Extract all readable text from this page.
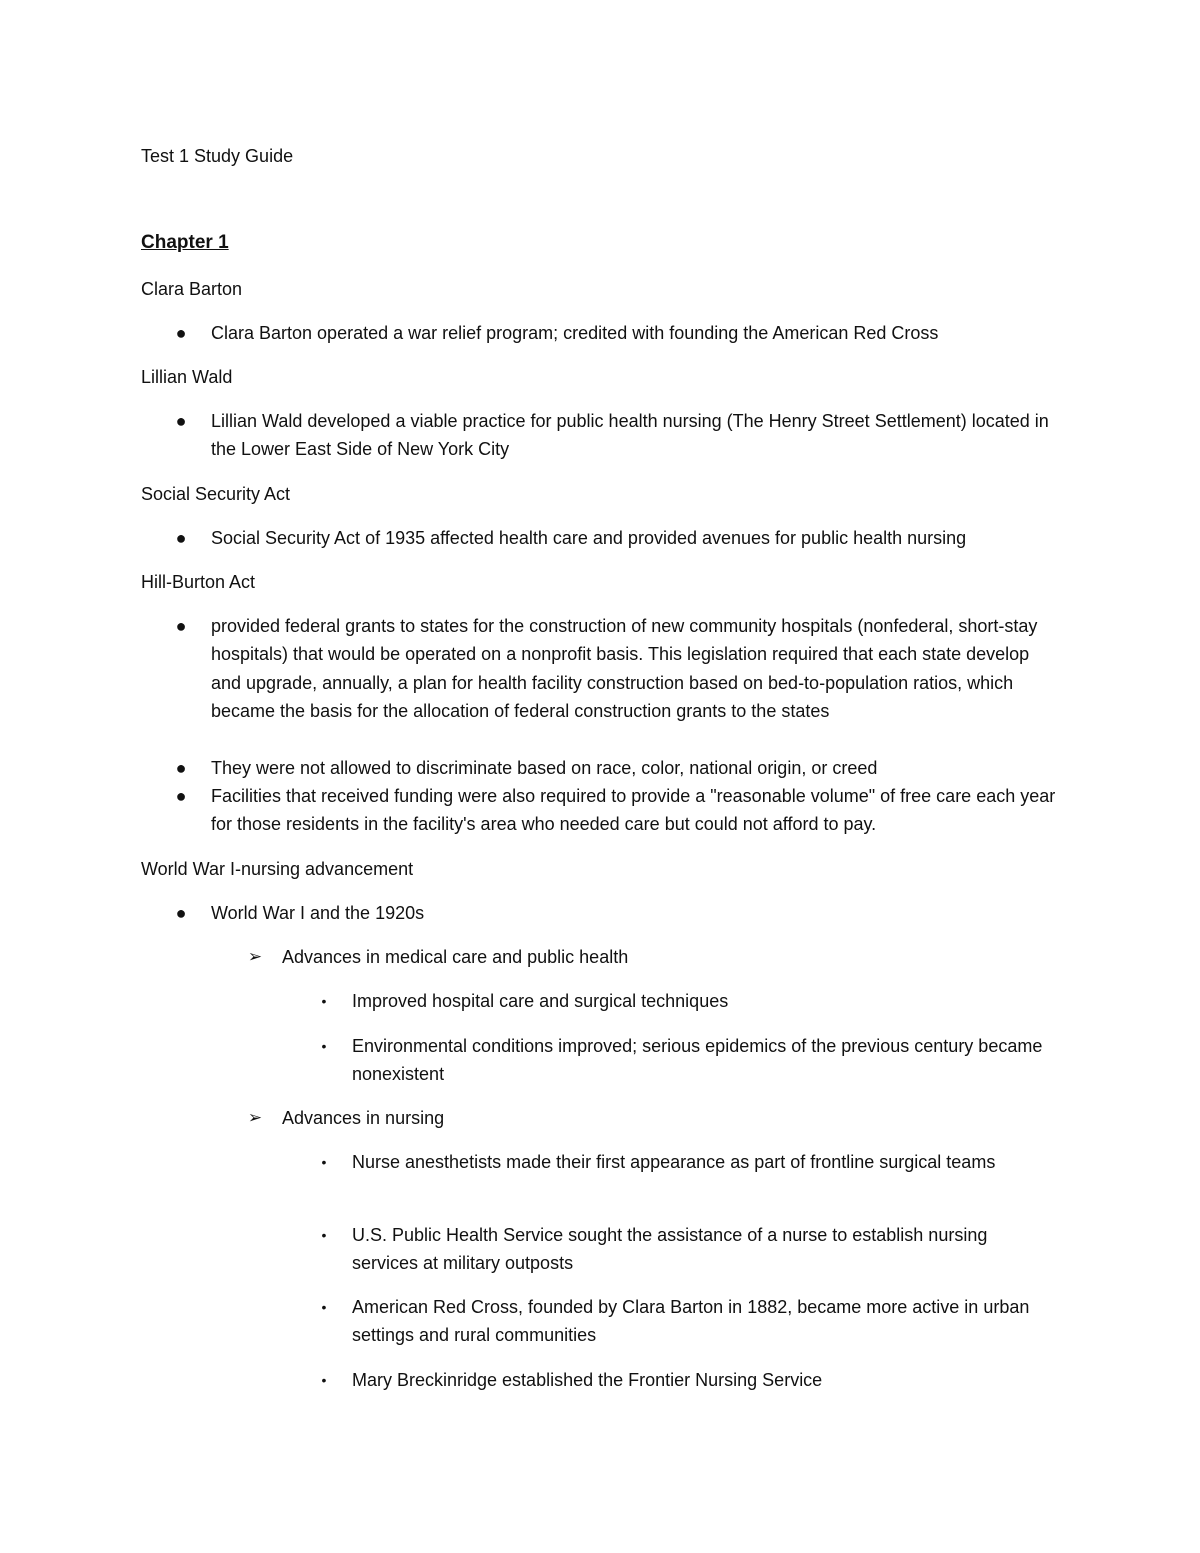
Test 1 Study Guide
Chapter 1
Clara Barton
● Clara Barton operated a war relief program; credited with founding the American Red Cross
Lillian Wald
● Lillian Wald developed a viable practice for public health nursing (The Henry Street Settlement) located in the Lower East Side of New York City
Social Security Act
● Social Security Act of 1935 affected health care and provided avenues for public health nursing
Hill-Burton Act
● provided federal grants to states for the construction of new community hospitals (nonfederal, short-stay hospitals) that would be operated on a nonprofit basis. This legislation required that each state develop and upgrade, annually, a plan for health facility construction based on bed-to-population ratios, which became the basis for the allocation of federal construction grants to the states
● They were not allowed to discriminate based on race, color, national origin, or creed
● Facilities that received funding were also required to provide a "reasonable volume" of free care each year for those residents in the facility's area who needed care but could not afford to pay.
World War I-nursing advancement
● World War I and the 1920s
➢ Advances in medical care and public health
•	Improved hospital care and surgical techniques
•	Environmental conditions improved; serious epidemics of the previous century became nonexistent
➢ Advances in nursing
•	Nurse anesthetists made their first appearance as part of frontline surgical teams
•	U.S. Public Health Service sought the assistance of a nurse to establish nursing services at military outposts
•	American Red Cross, founded by Clara Barton in 1882, became more active in urban settings and rural communities
•	Mary Breckinridge established the Frontier Nursing Service
